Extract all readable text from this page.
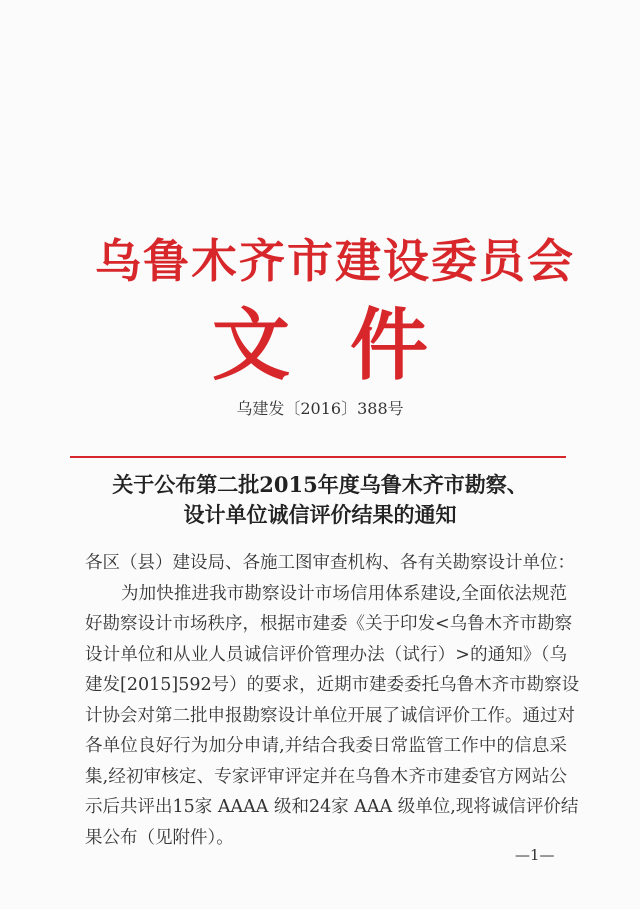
乌鲁木齐市建设委员会
文件
乌建发〔2016〕388号
关于公布第二批2015年度乌鲁木齐市勘察、
设计单位诚信评价结果的通知
各区（县）建设局、各施工图审查机构、各有关勘察设计单位：
为加快推进我市勘察设计市场信用体系建设,全面依法规范
好勘察设计市场秩序，根据市建委《关于印发<乌鲁木齐市勘察
设计单位和从业人员诚信评价管理办法（试行）>的通知》（乌
建发[2015]592号）的要求，近期市建委委托乌鲁木齐市勘察设
计协会对第二批申报勘察设计单位开展了诚信评价工作。通过对
各单位良好行为加分申请,并结合我委日常监管工作中的信息采
集,经初审核定、专家评审评定并在乌鲁木齐市建委官方网站公
示后共评出15家 AAAA 级和24家 AAA 级单位,现将诚信评价结
果公布（见附件）。
—1—
